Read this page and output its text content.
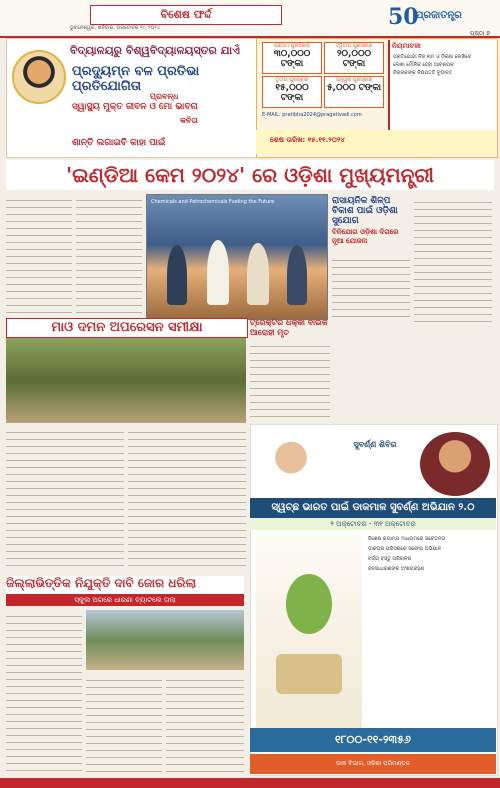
ବିଶେଷ ଫର୍ଦ୍ଦ
ଭୁବନେଶ୍ୱର, ଶନିବାର, ଅକ୍ଟୋବର ୧୯, ୨୦୨୪	50
ପ୍ରଜାତନ୍ତ୍ର
ପୃଷ୍ଠା ୭
ବିଦ୍ୟାଳୟରୁ ବିଶ୍ୱବିଦ୍ୟାଳୟସ୍ତର ଯାଏଁ
ପ୍ରଦ୍ୟୁମ୍ନ ବଳ ପ୍ରତିଭା ପ୍ରତିଯୋଗିତା
ପ୍ରବନ୍ଧ
ସ୍ୱାସ୍ଥ୍ୟ ମୁକ୍ତ ଜୀବନ ଓ ମୋ ଭାବନା
କବିତା
ଶାନ୍ତି ଲଗାଇବି କାହା ପାଇଁ
ପ୍ରଥମ ପୁରସ୍କାର
୩୦,୦୦୦ ଟଙ୍କା
ଦ୍ୱିତୀୟ ପୁରସ୍କାର
୨୦,୦୦୦ ଟଙ୍କା
ତୃତୀୟ ପୁରସ୍କାର
୧୫,୦୦୦ ଟଙ୍କା
ସାନ୍ତ୍ୱନା ପୁରସ୍କାର
୫,୦୦୦ ଟଙ୍କା
E-MAIL: pratibha2024@pragativadi.com
ଶେଷ ତାରିଖ: ୧୫.୧୧.୨୦୨୪
ନିୟମାବଳୀ
ପ୍ରତିଯୋଗୀ ନିଜ ନାମ ଓ ଠିକଣା ଲେଖିବେ
ଲେଖା ମୌଳିକ ହେବା ଆବଶ୍ୟକ
ବିଚାରକଙ୍କ ନିଷ୍ପତ୍ତି ଚୂଡ଼ାନ୍ତ
'ଇଣ୍ଡିଆ କେମ ୨୦୨୪' ରେ ଓଡ଼ିଶା ମୁଖ୍ୟମନ୍ତ୍ରୀ
Chemicals and Petrochemicals Fueling the Future	ରାସାୟନିକ ଶିଳ୍ପ ବିକାଶ ପାଇଁ ଓଡ଼ିଶା ସୁଯୋଗ
ବିନିଯୋଗ ଓଡ଼ିଶା ଦିଗରେ ନୂଆ ଯୋଜନା
ମାଓ ଦମନ ଅପରେସନ ସମୀକ୍ଷା	ଟ୍ରେକ୍ଟର ଧକ୍କା ବାଇକ ଆରୋହୀ ମୃତ
ସୁବର୍ଣ୍ଣ ଶିବିର
ସ୍ୱଚ୍ଛ ଭାରତ ପାଇଁ ଡାକମାଳ ସୁବର୍ଣ୍ଣ ଅଭିଯାନ ୨.୦
୨ ଅକ୍ଟୋବର - ୩୧ ଅକ୍ଟୋବର
ବିଶେଷ କ୍ୟାମ୍ପ ମାଧ୍ୟମରେ ସଚେତନତା
ଡାକଘର ପରିସରରେ ସଫେଇ ଅଭିଯାନ
ବର୍ଜ୍ୟ ବସ୍ତୁ ପରିଚାଳନା
ଜନସାଧାରଣଙ୍କ ଅଂଶଗ୍ରହଣ
୧୮୦୦-୧୧-୨୩୫୬
ଡାକ ବିଭାଗ, ଓଡ଼ିଶା ପରିମଣ୍ଡଳ
ଜିଲ୍ଲାଭିତ୍ତିକ ନିଯୁକ୍ତି ଦାବି ଜୋର ଧରିଲା
ସ୍କୁଲ ଅଗରେ ଧାରଣା ବ୍ୟାଟଲେ ତାଲା
